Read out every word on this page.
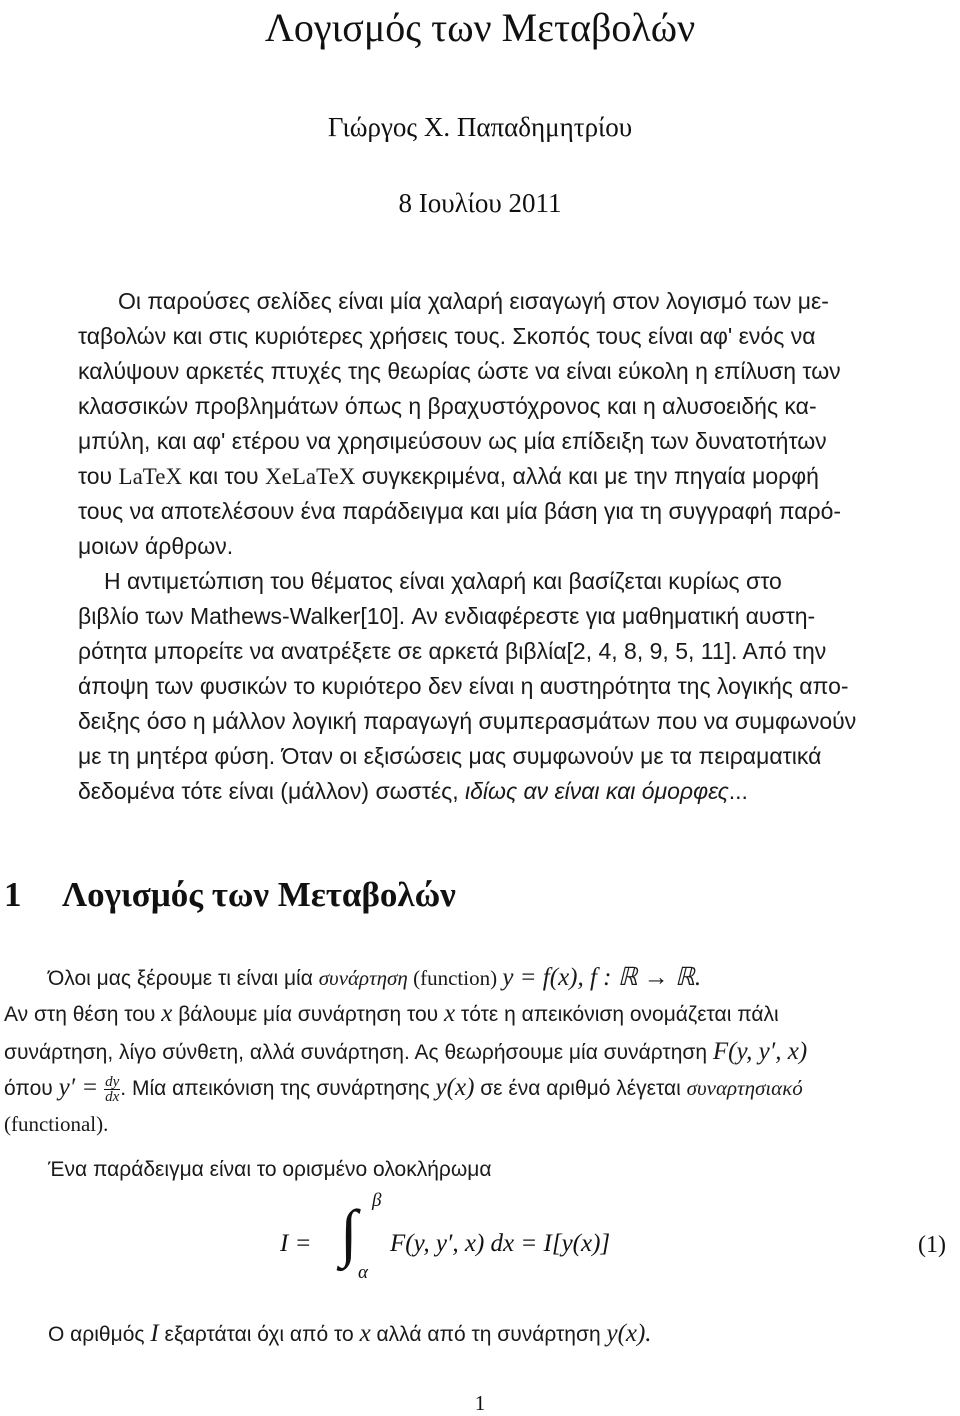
Λογισμός των Μεταβολών
Γιώργος Χ. Παπαδημητρίου
8 Ιουλίου 2011
Οι παρούσες σελίδες είναι μία χαλαρή εισαγωγή στον λογισμό των με-
ταβολών και στις κυριότερες χρήσεις τους. Σκοπός τους είναι αφ' ενός να
καλύψουν αρκετές πτυχές της θεωρίας ώστε να είναι εύκολη η επίλυση των
κλασσικών προβλημάτων όπως η βραχυστόχρονος και η αλυσοειδής κα-
μπύλη, και αφ' ετέρου να χρησιμεύσουν ως μία επίδειξη των δυνατοτήτων
του LaTeX και του XeLaTeX συγκεκριμένα, αλλά και με την πηγαία μορφή
τους να αποτελέσουν ένα παράδειγμα και μία βάση για τη συγγραφή παρό-
μοιων άρθρων.
Η αντιμετώπιση του θέματος είναι χαλαρή και βασίζεται κυρίως στο
βιβλίο των Mathews-Walker[10]. Αν ενδιαφέρεστε για μαθηματική αυστη-
ρότητα μπορείτε να ανατρέξετε σε αρκετά βιβλία[2, 4, 8, 9, 5, 11]. Από την
άποψη των φυσικών το κυριότερο δεν είναι η αυστηρότητα της λογικής απο-
δειξης όσο η μάλλον λογική παραγωγή συμπερασμάτων που να συμφωνούν
με τη μητέρα φύση. Όταν οι εξισώσεις μας συμφωνούν με τα πειραματικά
δεδομένα τότε είναι (μάλλον) σωστές, ιδίως αν είναι και όμορφες...
1 Λογισμός των Μεταβολών
Όλοι μας ξέρουμε τι είναι μία συνάρτηση (function) y = f(x), f : ℝ → ℝ.
Αν στη θέση του x βάλουμε μία συνάρτηση του x τότε η απεικόνιση ονομάζεται πάλι
συνάρτηση, λίγο σύνθετη, αλλά συνάρτηση. Ας θεωρήσουμε μία συνάρτηση F(y, y′, x)
όπου $y' = \frac{dy}{dx}$ . Μία απεικόνιση της συνάρτησης y(x) σε ένα αριθμό λέγεται συναρτησιακό
(functional).
Ένα παράδειγμα είναι το ορισμένο ολοκλήρωμα
I = ∫ β
α
F(y, y′, x) dx = I[y(x)]	(1)
Ο αριθμός I εξαρτάται όχι από το x αλλά από τη συνάρτηση y(x).
1
